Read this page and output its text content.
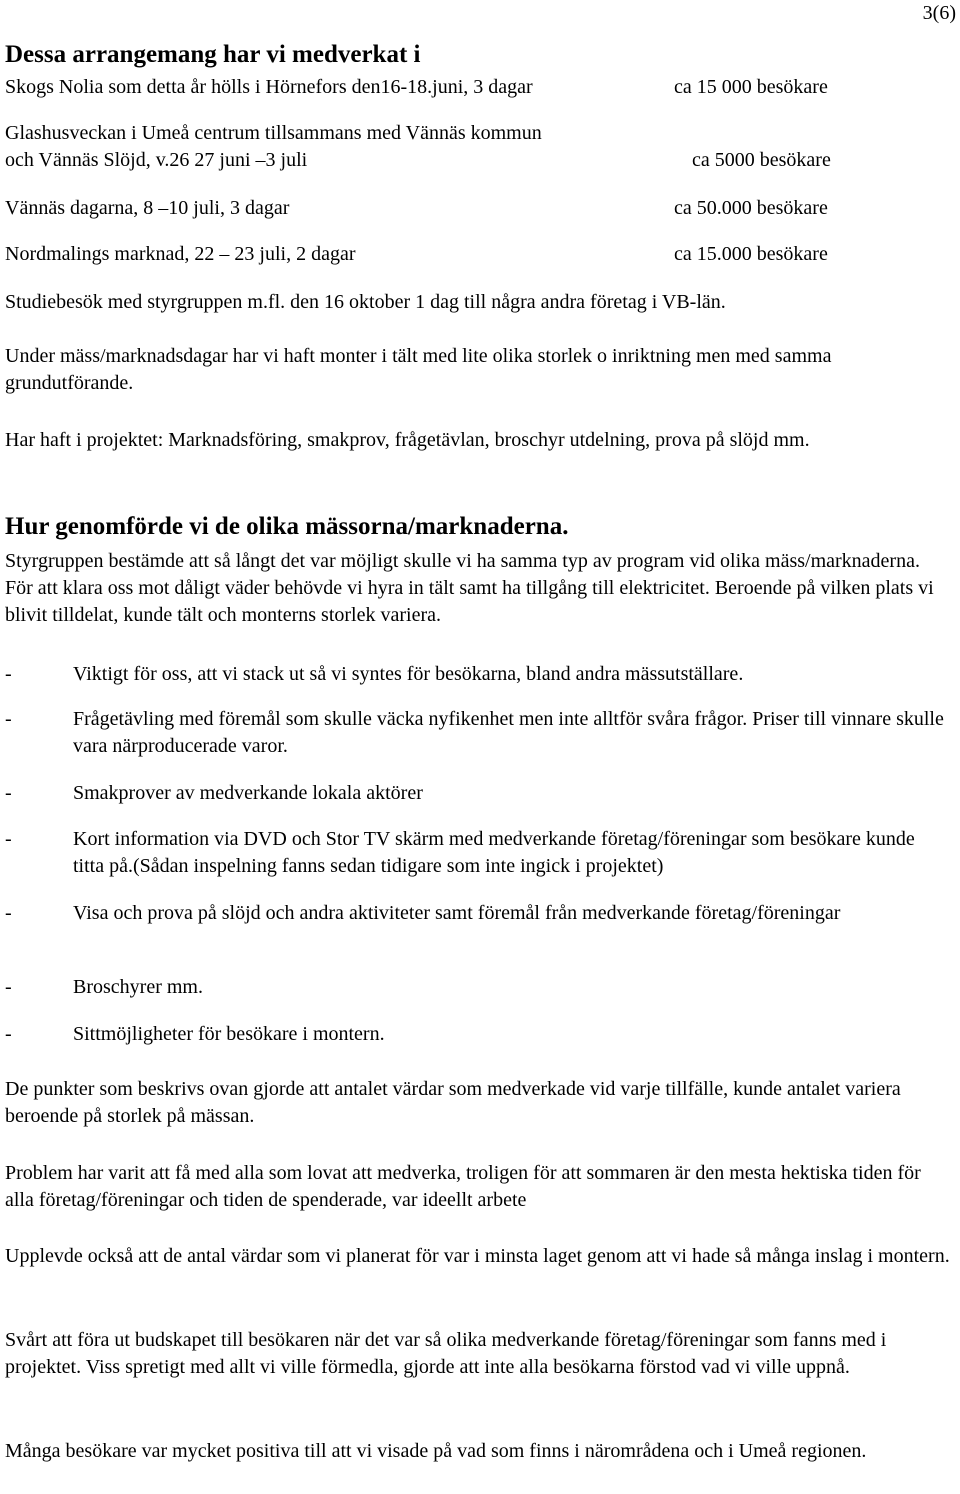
3(6)
Dessa arrangemang har vi medverkat i
Skogs Nolia som detta år hölls i Hörnefors den16-18.juni, 3 dagar	ca 15 000 besökare
Glashusveckan i Umeå centrum tillsammans med Vännäs kommun
och Vännäs Slöjd, v.26 27 juni –3 juli	ca 5000 besökare
Vännäs dagarna, 8 –10 juli, 3 dagar	ca 50.000 besökare
Nordmalings marknad, 22 – 23 juli, 2 dagar	ca 15.000 besökare
Studiebesök med styrgruppen m.fl. den 16 oktober 1 dag till några andra företag i VB-län.
Under mäss/marknadsdagar har vi haft monter i tält med lite olika storlek o inriktning men med samma grundutförande.
Har haft i projektet: Marknadsföring, smakprov, frågetävlan, broschyr utdelning, prova på slöjd mm.
Hur genomförde vi de olika mässorna/marknaderna.
Styrgruppen bestämde att så långt det var möjligt skulle vi ha samma typ av program vid olika mäss/marknaderna. För att klara oss mot dåligt väder behövde vi hyra in tält samt ha tillgång till elektricitet. Beroende på vilken plats vi blivit tilldelat, kunde tält och monterns storlek variera.
-	Viktigt för oss, att vi stack ut så vi syntes för besökarna, bland andra mässutställare.
-	Frågetävling med föremål som skulle väcka nyfikenhet men inte alltför svåra frågor. Priser till vinnare skulle vara närproducerade varor.
-	Smakprover av medverkande lokala aktörer
-	Kort information via DVD och Stor TV skärm med medverkande företag/föreningar som besökare kunde titta på.(Sådan inspelning fanns sedan tidigare som inte ingick i projektet)
-	Visa och prova på slöjd och andra aktiviteter samt föremål från medverkande företag/föreningar
-	Broschyrer mm.
-	Sittmöjligheter för besökare i montern.
De punkter som beskrivs ovan gjorde att antalet värdar som medverkade vid varje tillfälle, kunde antalet variera beroende på storlek på mässan.
Problem har varit att få med alla som lovat att medverka, troligen för att sommaren är den mesta hektiska tiden för alla företag/föreningar och tiden de spenderade, var ideellt arbete
Upplevde också att de antal värdar som vi planerat för var i minsta laget genom att vi hade så många inslag i montern.
Svårt att föra ut budskapet till besökaren när det var så olika medverkande företag/föreningar som fanns med i projektet. Viss spretigt med allt vi ville förmedla, gjorde att inte alla besökarna förstod vad vi ville uppnå.
Många besökare var mycket positiva till att vi visade på vad som finns i närområdena och i Umeå regionen.
